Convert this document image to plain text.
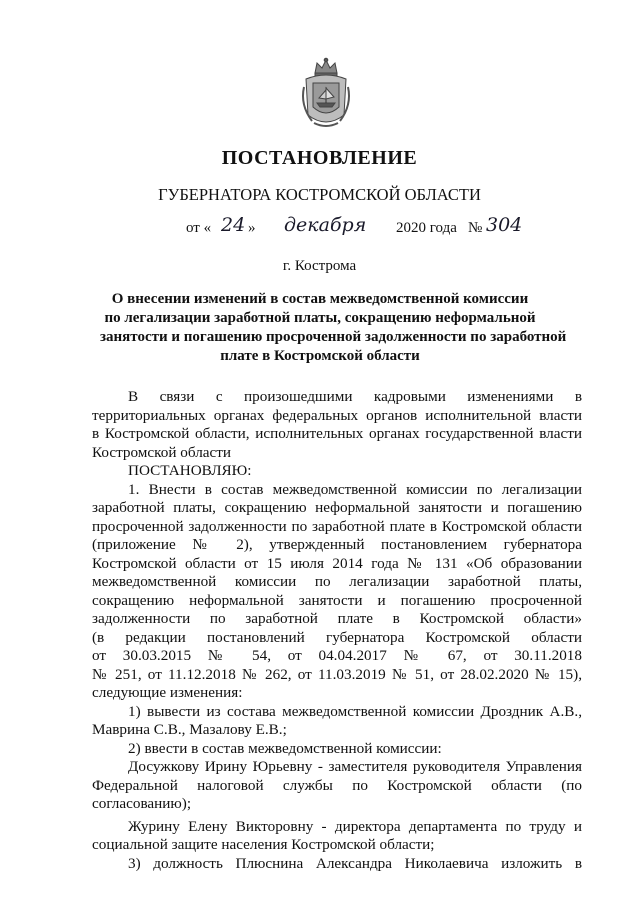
ПОСТАНОВЛЕНИЕ
ГУБЕРНАТОРА КОСТРОМСКОЙ ОБЛАСТИ
от « 24 » декабря 2020 года № 304
г. Кострома
О внесении изменений в состав межведомственной комиссии
по легализации заработной платы, сокращению неформальной
занятости и погашению просроченной задолженности по заработной
плате в Костромской области
В связи с произошедшими кадровыми изменениями в
территориальных органах федеральных органов исполнительной власти
в Костромской области, исполнительных органах государственной власти
Костромской области
ПОСТАНОВЛЯЮ:
1. Внести в состав межведомственной комиссии по легализации
заработной платы, сокращению неформальной занятости и погашению
просроченной задолженности по заработной плате в Костромской области
(приложение № 2), утвержденный постановлением губернатора
Костромской области от 15 июля 2014 года № 131 «Об образовании
межведомственной комиссии по легализации заработной платы,
сокращению неформальной занятости и погашению просроченной
задолженности по заработной плате в Костромской области»
(в редакции постановлений губернатора Костромской области
от 30.03.2015 № 54, от 04.04.2017 № 67, от 30.11.2018
№ 251, от 11.12.2018 № 262, от 11.03.2019 № 51, от 28.02.2020 № 15),
следующие изменения:
1) вывести из состава межведомственной комиссии Дроздник А.В.,
Маврина С.В., Мазалову Е.В.;
2) ввести в состав межведомственной комиссии:
Досужкову Ирину Юрьевну - заместителя руководителя Управления
Федеральной налоговой службы по Костромской области (по
согласованию);
Журину Елену Викторовну - директора департамента по труду и
социальной защите населения Костромской области;
3) должность Плюснина Александра Николаевича изложить в
